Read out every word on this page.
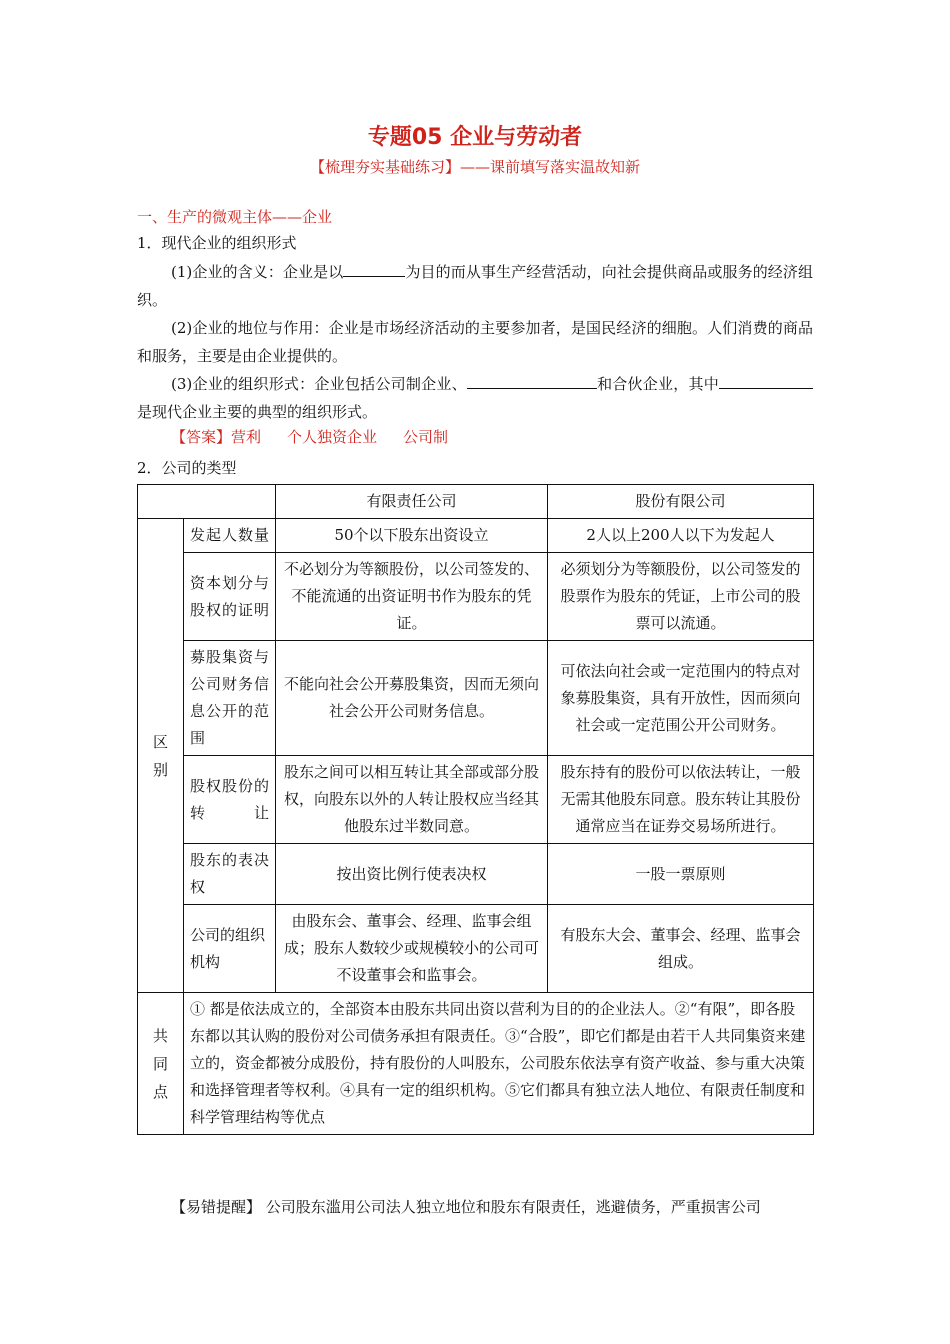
专题05 企业与劳动者
【梳理夯实基础练习】——课前填写落实温故知新
一、生产的微观主体——企业
1．现代企业的组织形式
(1)企业的含义：企业是以	为目的而从事生产经营活动，向社会提供商品或服务的经济组织。
(2)企业的地位与作用：企业是市场经济活动的主要参加者，是国民经济的细胞。人们消费的商品和服务，主要是由企业提供的。
(3)企业的组织形式：企业包括公司制企业、	和合伙企业，其中是现代企业主要的典型的组织形式。
【答案】营利 个人独资企业 公司制
2．公司的类型
		有限责任公司	股份有限公司
区别	发起人数量	50个以下股东出资设立	2人以上200人以下为发起人
	资本划分与股权的证明	不必划分为等额股份，以公司签发的、不能流通的出资证明书作为股东的凭证。	必须划分为等额股份，以公司签发的股票作为股东的凭证，上市公司的股票可以流通。
	募股集资与公司财务信息公开的范围	不能向社会公开募股集资，因而无须向社会公开公司财务信息。	可依法向社会或一定范围内的特点对象募股集资，具有开放性，因而须向社会或一定范围公开公司财务。
	股权股份的转让	股东之间可以相互转让其全部或部分股权，向股东以外的人转让股权应当经其他股东过半数同意。	股东持有的股份可以依法转让，一般无需其他股东同意。股东转让其股份通常应当在证券交易场所进行。
	股东的表决权	按出资比例行使表决权	一股一票原则
	公司的组织机构	由股东会、董事会、经理、监事会组成；股东人数较少或规模较小的公司可不设董事会和监事会。	有股东大会、董事会、经理、监事会组成。
共同点	① 都是依法成立的，全部资本由股东共同出资以营利为目的的企业法人。②“有限”，即各股东都以其认购的股份对公司债务承担有限责任。③“合股”，即它们都是由若干人共同集资来建立的，资金都被分成股份，持有股份的人叫股东，公司股东依法享有资产收益、参与重大决策和选择管理者等权利。④具有一定的组织机构。⑤它们都具有独立法人地位、有限责任制度和科学管理结构等优点		
【易错提醒】 公司股东滥用公司法人独立地位和股东有限责任，逃避债务，严重损害公司
